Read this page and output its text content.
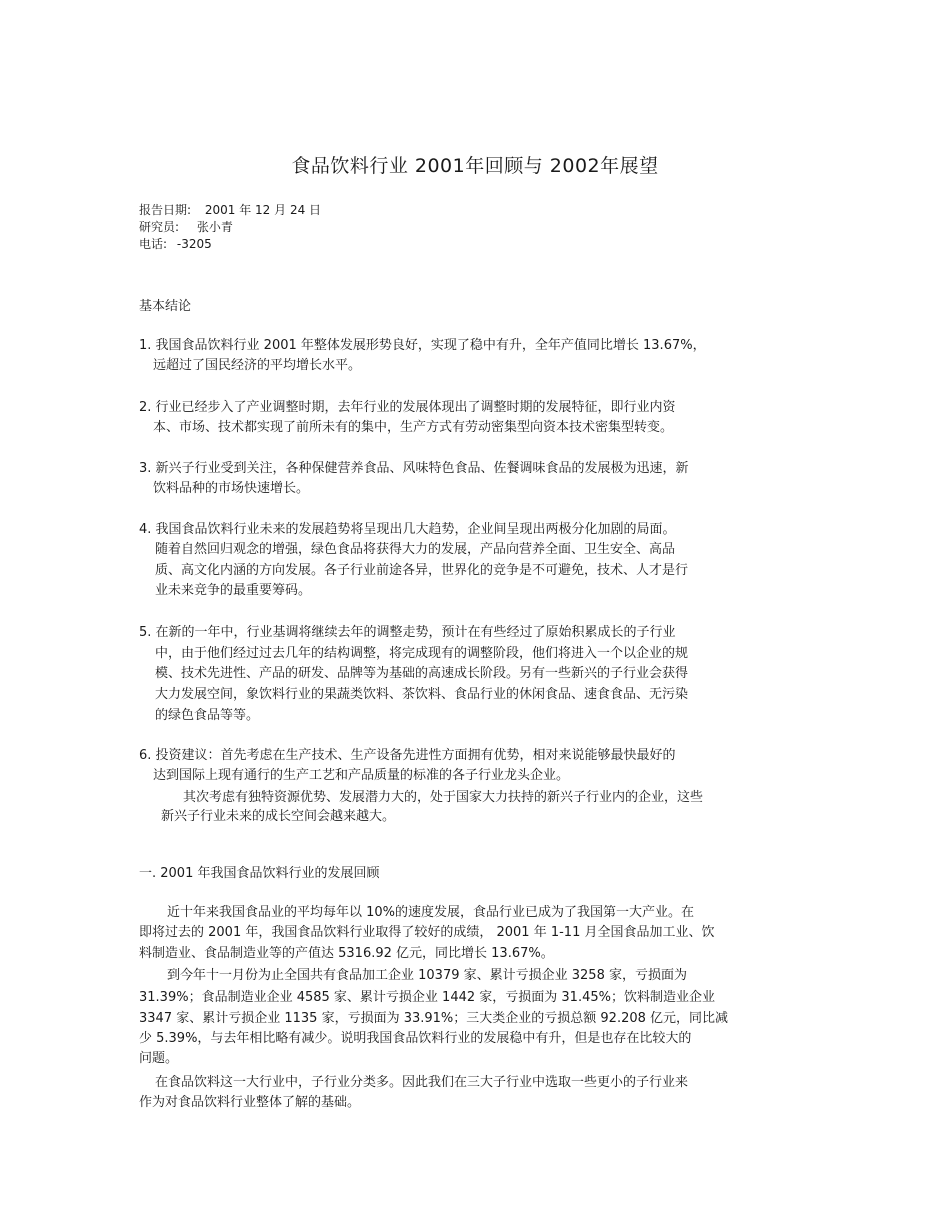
食品饮料行业 2001年回顾与 2002年展望
报告日期: 2001 年 12 月 24 日
研究员: 张小青
电话: -3205
基本结论
1. 我国食品饮料行业 2001 年整体发展形势良好，实现了稳中有升，全年产值同比增长 13.67%，
远超过了国民经济的平均增长水平。
2. 行业已经步入了产业调整时期，去年行业的发展体现出了调整时期的发展特征，即行业内资
本、市场、技术都实现了前所未有的集中，生产方式有劳动密集型向资本技术密集型转变。
3. 新兴子行业受到关注，各种保健营养食品、风味特色食品、佐餐调味食品的发展极为迅速，新
饮料品种的市场快速增长。
4. 我国食品饮料行业未来的发展趋势将呈现出几大趋势，企业间呈现出两极分化加剧的局面。
随着自然回归观念的增强，绿色食品将获得大力的发展，产品向营养全面、卫生安全、高品
质、高文化内涵的方向发展。各子行业前途各异，世界化的竞争是不可避免，技术、人才是行
业未来竞争的最重要筹码。
5. 在新的一年中，行业基调将继续去年的调整走势，预计在有些经过了原始积累成长的子行业
中，由于他们经过过去几年的结构调整，将完成现有的调整阶段，他们将进入一个以企业的规
模、技术先进性、产品的研发、品牌等为基础的高速成长阶段。另有一些新兴的子行业会获得
大力发展空间，象饮料行业的果蔬类饮料、茶饮料、食品行业的休闲食品、速食食品、无污染
的绿色食品等等。
6. 投资建议：首先考虑在生产技术、生产设备先进性方面拥有优势，相对来说能够最快最好的
达到国际上现有通行的生产工艺和产品质量的标准的各子行业龙头企业。
其次考虑有独特资源优势、发展潜力大的，处于国家大力扶持的新兴子行业内的企业，这些
新兴子行业未来的成长空间会越来越大。
一. 2001 年我国食品饮料行业的发展回顾
近十年来我国食品业的平均每年以 10%的速度发展，食品行业已成为了我国第一大产业。在
即将过去的 2001 年，我国食品饮料行业取得了较好的成绩， 2001 年 1-11 月全国食品加工业、饮
料制造业、食品制造业等的产值达 5316.92 亿元，同比增长 13.67%。
到今年十一月份为止全国共有食品加工企业 10379 家、累计亏损企业 3258 家，亏损面为
31.39%；食品制造业企业 4585 家、累计亏损企业 1442 家，亏损面为 31.45%；饮料制造业企业
3347 家、累计亏损企业 1135 家，亏损面为 33.91%；三大类企业的亏损总额 92.208 亿元，同比减
少 5.39%，与去年相比略有减少。说明我国食品饮料行业的发展稳中有升，但是也存在比较大的
问题。
在食品饮料这一大行业中，子行业分类多。因此我们在三大子行业中选取一些更小的子行业来
作为对食品饮料行业整体了解的基础。
